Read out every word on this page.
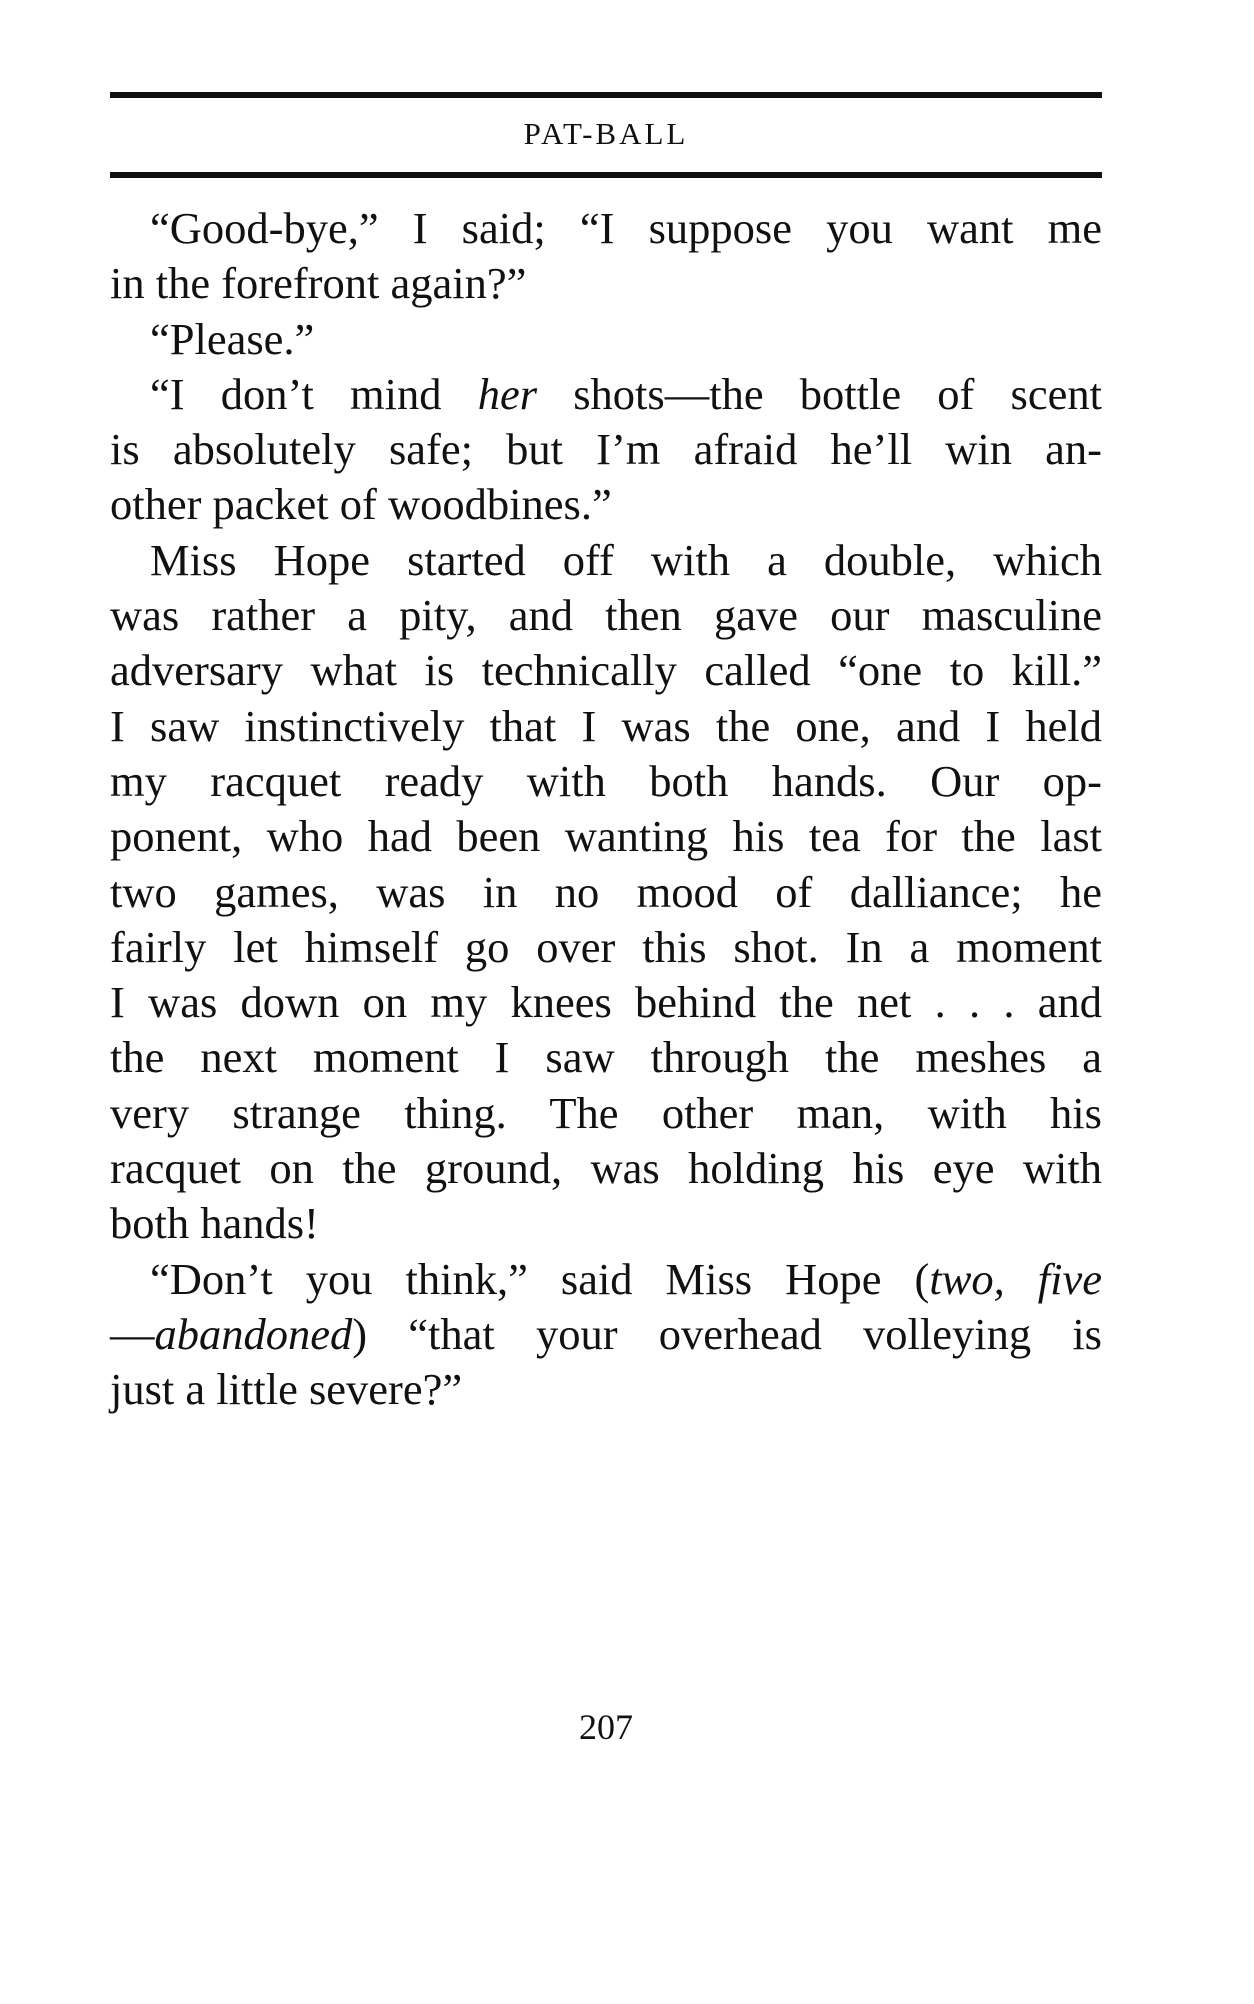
PAT-BALL
“Good-bye,” I said; “I suppose you want me
in the forefront again?”
“Please.”
“I don’t mind her shots—the bottle of scent
is absolutely safe; but I’m afraid he’ll win an-
other packet of woodbines.”
Miss Hope started off with a double, which
was rather a pity, and then gave our masculine
adversary what is technically called “one to kill.”
I saw instinctively that I was the one, and I held
my racquet ready with both hands. Our op-
ponent, who had been wanting his tea for the last
two games, was in no mood of dalliance; he
fairly let himself go over this shot. In a moment
I was down on my knees behind the net . . . and
the next moment I saw through the meshes a
very strange thing. The other man, with his
racquet on the ground, was holding his eye with
both hands!
“Don’t you think,” said Miss Hope (two, five
—abandoned) “that your overhead volleying is
just a little severe?”
207
